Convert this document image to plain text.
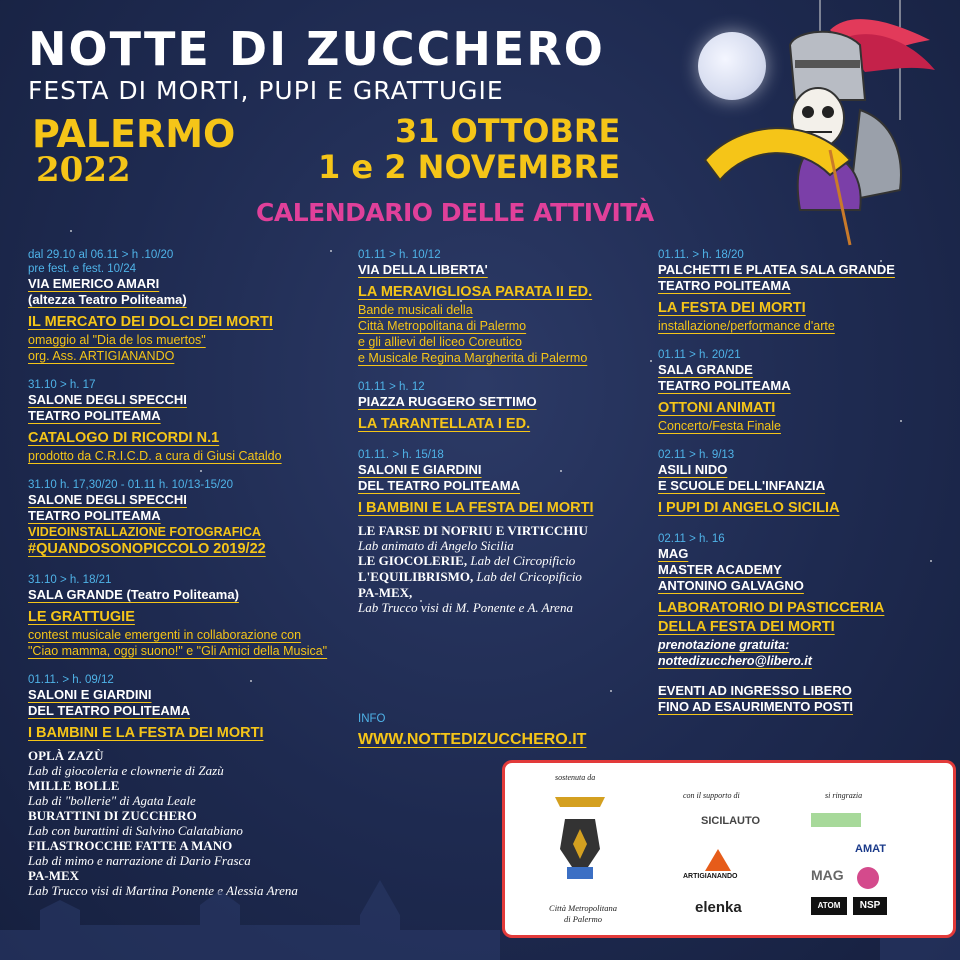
NOTTE DI ZUCCHERO
FESTA DI MORTI, PUPI E GRATTUGIE
PALERMO
2022
31 OTTOBRE
1 e 2 NOVEMBRE
CALENDARIO DELLE ATTIVITÀ
dal 29.10 al 06.11 > h .10/20
pre fest. e fest. 10/24
VIA EMERICO AMARI
(altezza Teatro Politeama)
IL MERCATO DEI DOLCI DEI MORTI
omaggio al "Dia de los muertos"
org. Ass. ARTIGIANANDO
31.10 > h. 17
SALONE DEGLI SPECCHI
TEATRO POLITEAMA
CATALOGO DI RICORDI N.1
prodotto da C.R.I.C.D. a cura di Giusi Cataldo
31.10 h. 17,30/20 - 01.11 h. 10/13-15/20
SALONE DEGLI SPECCHI
TEATRO POLITEAMA
VIDEOINSTALLAZIONE FOTOGRAFICA
#QUANDOSONOPICCOLO 2019/22
31.10 > h. 18/21
SALA GRANDE (Teatro Politeama)
LE GRATTUGIE
contest musicale emergenti in collaborazione con
"Ciao mamma, oggi suono!" e "Gli Amici della Musica"
01.11. > h. 09/12
SALONI E GIARDINI
DEL TEATRO POLITEAMA
I BAMBINI E LA FESTA DEI MORTI
OPLÀ ZAZÙ
Lab di giocoleria e clownerie di Zazù
MILLE BOLLE
Lab di "bollerie" di Agata Leale
BURATTINI DI ZUCCHERO
Lab con burattini di Salvino Calatabiano
FILASTROCCHE FATTE A MANO
Lab di mimo e narrazione di Dario Frasca
PA-MEX
Lab Trucco visi di Martina Ponente e Alessia Arena
01.11 > h. 10/12
VIA DELLA LIBERTA'
LA MERAVIGLIOSA PARATA II ED.
Bande musicali della
Città Metropolitana di Palermo
e gli allievi del liceo Coreutico
e Musicale Regina Margherita di Palermo
01.11 > h. 12
PIAZZA RUGGERO SETTIMO
LA TARANTELLATA I ED.
01.11. > h. 15/18
SALONI E GIARDINI
DEL TEATRO POLITEAMA
I BAMBINI E LA FESTA DEI MORTI
LE FARSE DI NOFRIU E VIRTICCHIU
Lab animato di Angelo Sicilia
LE GIOCOLERIE, Lab del Circopificio
L'EQUILIBRISMO, Lab del Cricopificio
PA-MEX,
Lab Trucco visi di M. Ponente e A. Arena
INFO
WWW.NOTTEDIZUCCHERO.IT
01.11. > h. 18/20
PALCHETTI E PLATEA SALA GRANDE
TEATRO POLITEAMA
LA FESTA DEI MORTI
installazione/performance d'arte
01.11 > h. 20/21
SALA GRANDE
TEATRO POLITEAMA
OTTONI ANIMATI
Concerto/Festa Finale
02.11 > h. 9/13
ASILI NIDO
E SCUOLE DELL'INFANZIA
I PUPI DI ANGELO SICILIA
02.11 > h. 16
MAG
MASTER ACADEMY
ANTONINO GALVAGNO
LABORATORIO DI PASTICCERIA
DELLA FESTA DEI MORTI
prenotazione gratuita:
nottedizucchero@libero.it
EVENTI AD INGRESSO LIBERO
FINO AD ESAURIMENTO POSTI
sostenuta da
Città Metropolitana
di Palermo
con il supporto di
SICILAUTO
ARTIGIANANDO
elenka
si ringrazia
AMAT
MAG
ATOM	NSP
